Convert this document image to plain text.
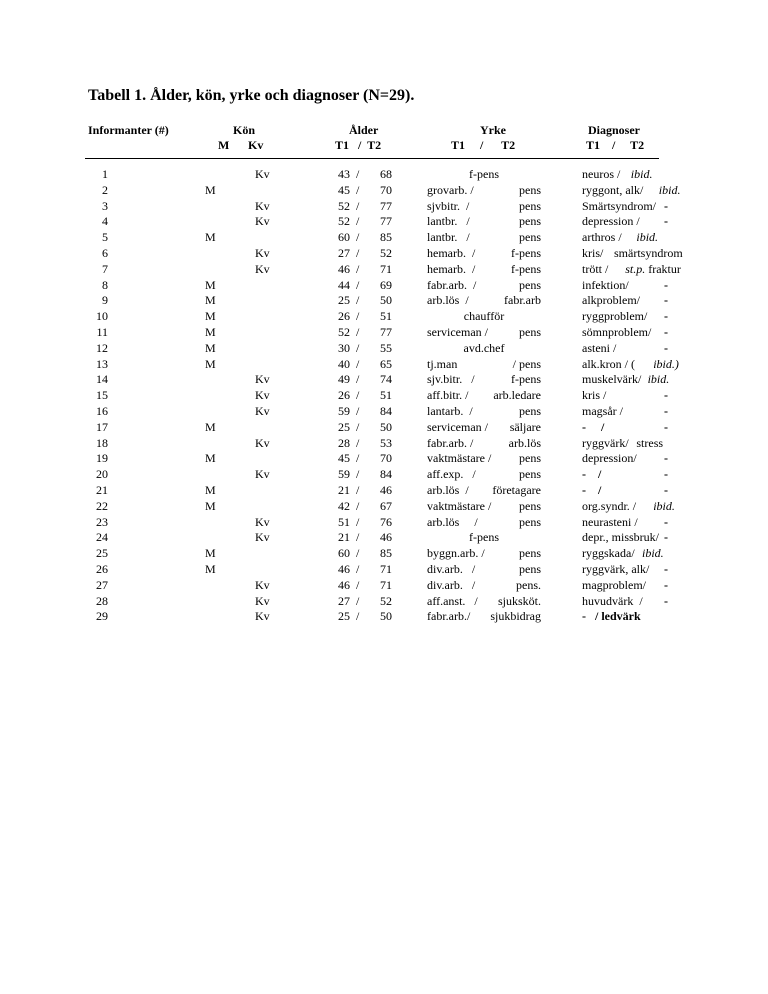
Tabell 1. Ålder, kön, yrke och diagnoser (N=29).
Informanter (#)	Kön
M Kv
Ålder
T1   /  T2
Yrke
T1     /      T2
Diagnoser
T1    /     T2
1	Kv	43 /	68	f-pens	neuros / ibid.
2	M	45 /	70	grovarb. /	pens	ryggont, alk/ ibid.
3	Kv	52 /	77	sjvbitr.  /	pens	Smärtsyndrom/ -
4	Kv	52 /	77	lantbr.   /	pens	depression / -
5	M	60 /	85	lantbr.   /	pens	arthros / ibid.
6	Kv	27 /	52	hemarb.  /	f-pens	kris/ smärtsyndrom
7	Kv	46 /	71	hemarb.  /	f-pens	trött / st.p. fraktur
8	M	44 /	69	fabr.arb.  /	pens	infektion/	-
9	M	25 /	50	arb.lös  /	fabr.arb	alkproblem/ -
10	M	26 /	51	chaufför	ryggproblem/ -
11	M	52 /	77	serviceman /	pens	sömnproblem/ -
12	M	30 /	55	avd.chef	asteni /	-
13	M	40 /	65	tj.man	/ pens	alk.kron / ( ibid.)
14	Kv	49 /	74	sjv.bitr.   /	f-pens	muskelvärk/ ibid.
15	Kv	26 /	51	aff.bitr. / arb.ledare	kris /	-
16	Kv	59 /	84	lantarb.  /	pens	magsår /	-
17	M	25 /	50	serviceman / säljare	-     /	-
18	Kv	28 /	53	fabr.arb. /	arb.lös	ryggvärk/ stress
19	M	45 /	70	vaktmästare / pens	depression/ -
20	Kv	59 /	84	aff.exp.   /	pens	-    /	-
21	M	21 /	46	arb.lös  / företagare	-    /	-
22	M	42 /	67	vaktmästare / pens	org.syndr. / ibid.
23	Kv	51 /	76	arb.lös     /	pens	neurasteni / -
24	Kv	21 /	46	f-pens	depr., missbruk/ -
25	M	60 /	85	byggn.arb. /	pens	ryggskada/ ibid.
26	M	46 /	71	div.arb.   /	pens	ryggvärk, alk/ -
27	Kv	46 /	71	div.arb.   /	pens.	magproblem/ -
28	Kv	27 /	52	aff.anst.   / sjuksköt.	huvudvärk  / -
29	Kv	25 /	50	fabr.arb./ sjukbidrag	-   / ledvärk
